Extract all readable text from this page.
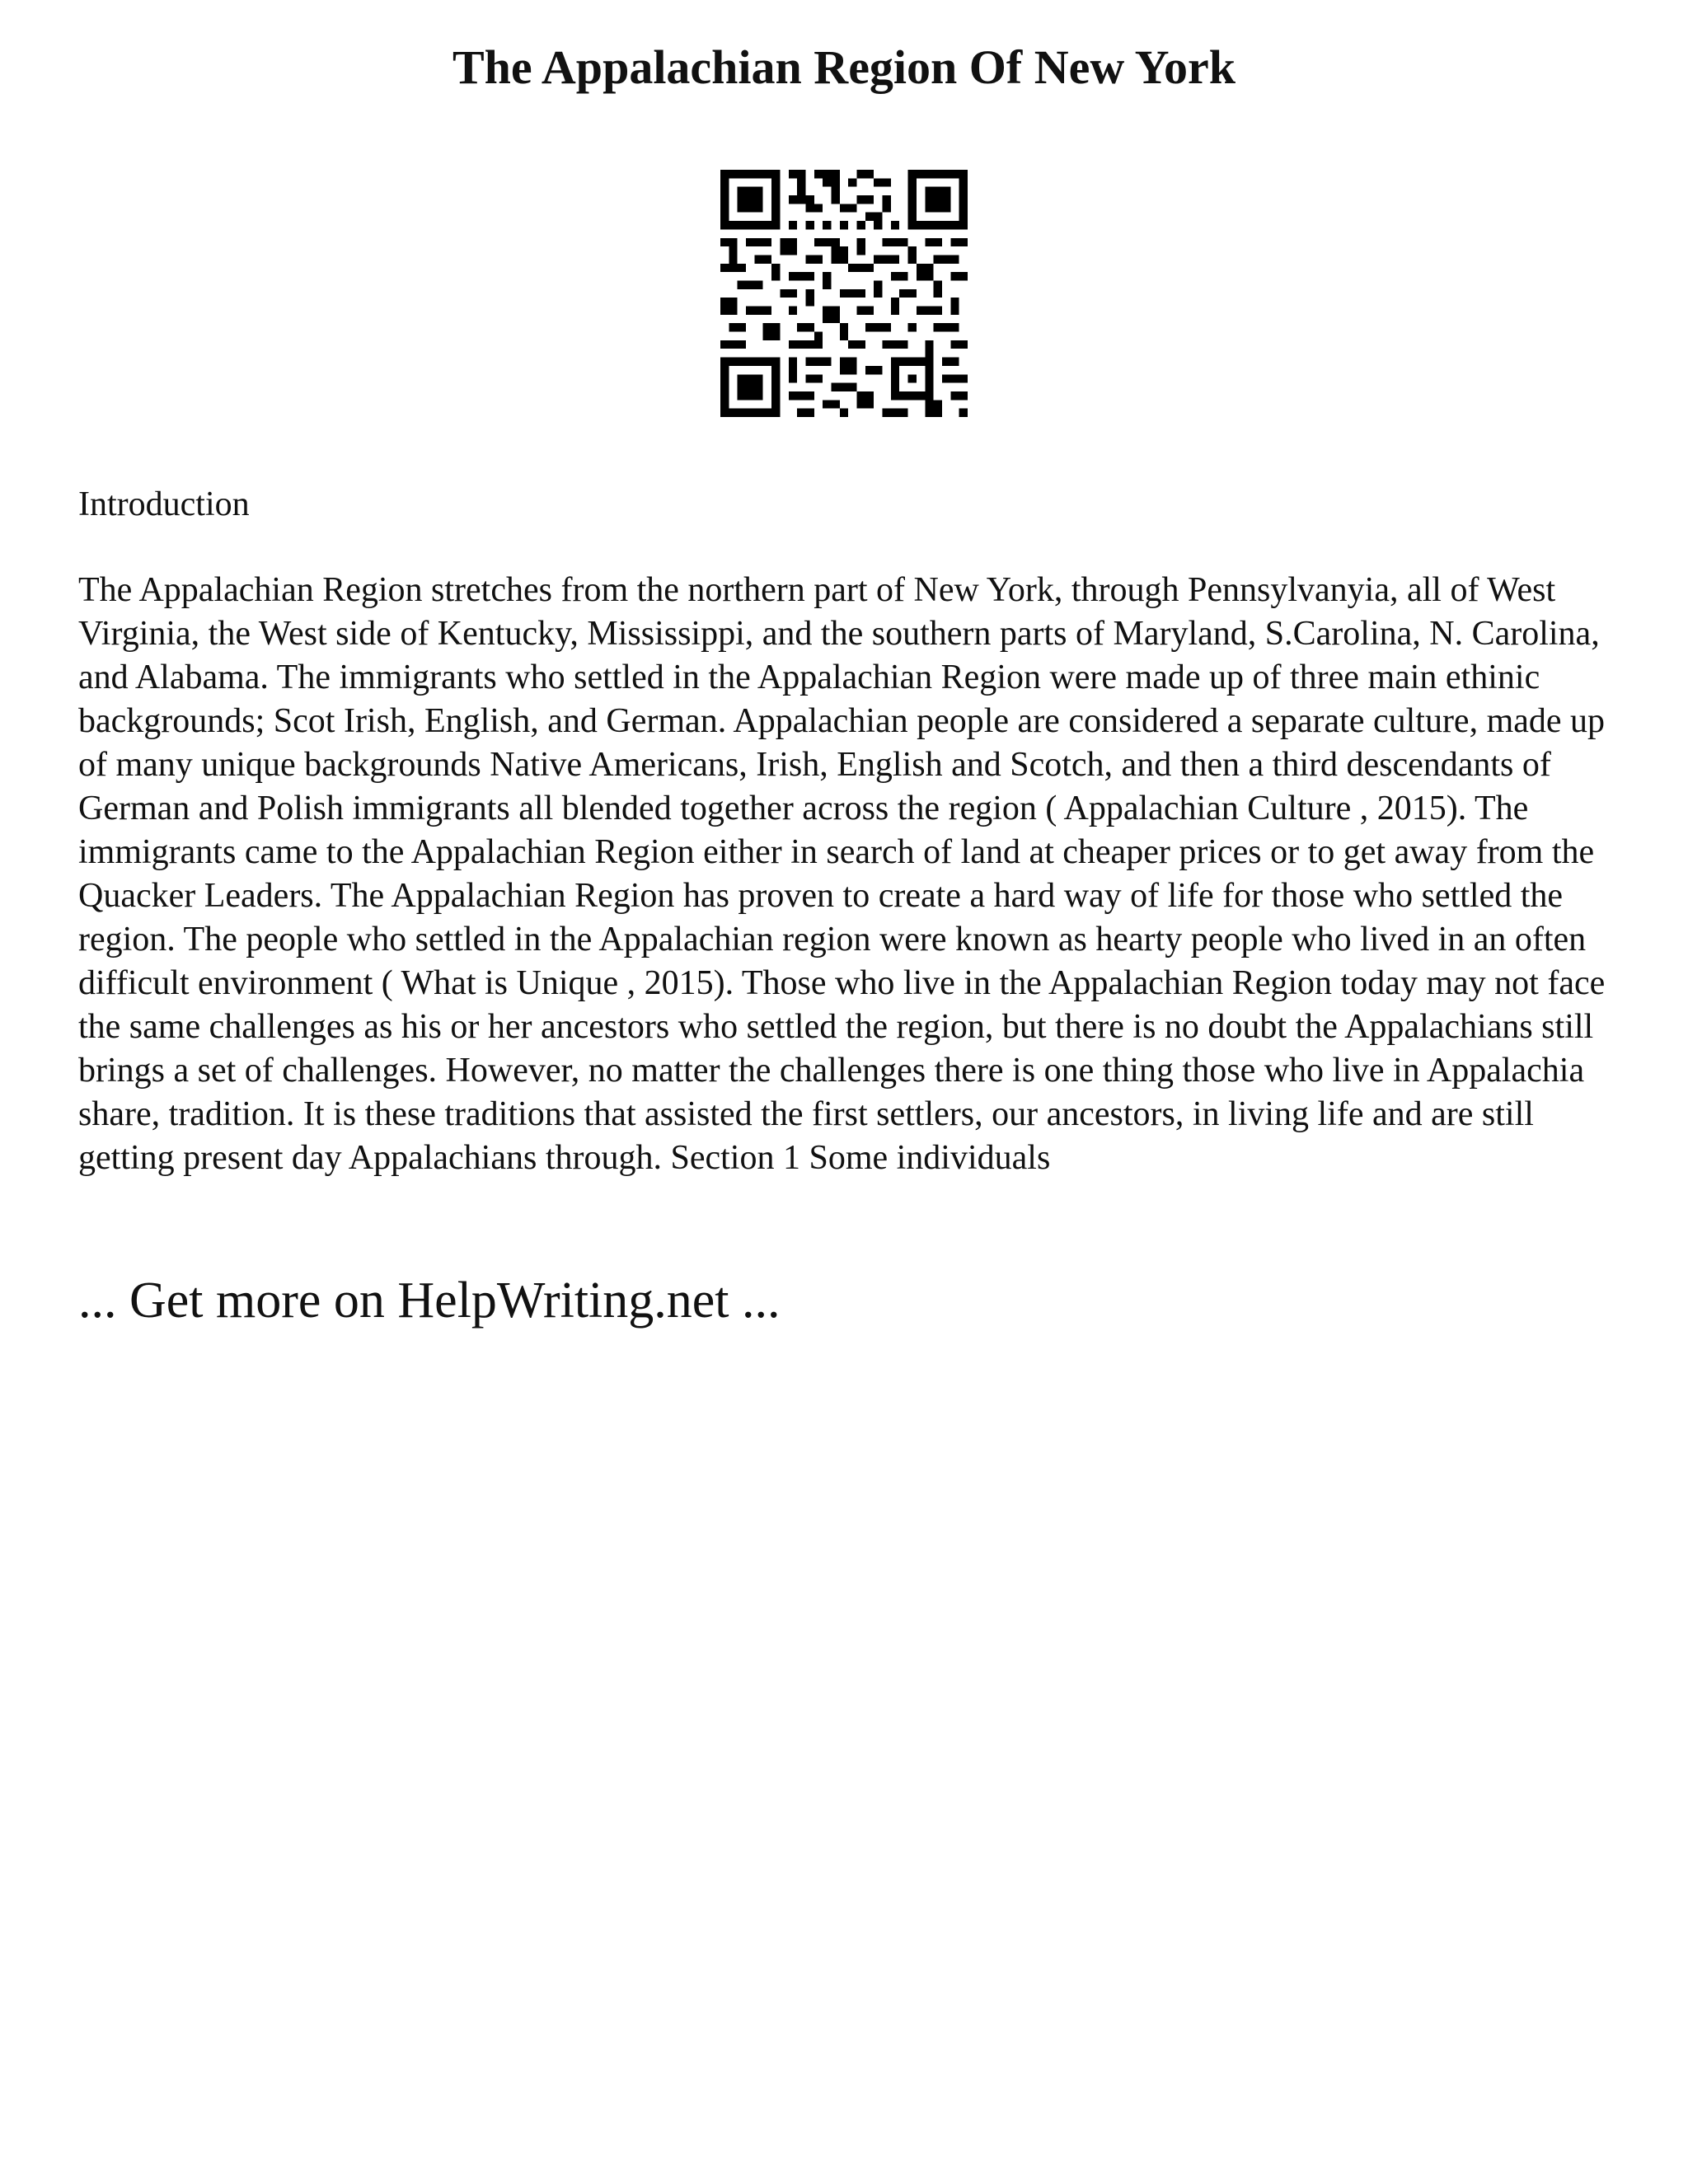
The Appalachian Region Of New York
Introduction

The Appalachian Region stretches from the northern part of New York, through Pennsylvanyia, all of West Virginia, the West side of Kentucky, Mississippi, and the southern parts of Maryland, S.Carolina, N. Carolina, and Alabama. The immigrants who settled in the Appalachian Region were made up of three main ethinic backgrounds; Scot Irish, English, and German. Appalachian people are considered a separate culture, made up of many unique backgrounds Native Americans, Irish, English and Scotch, and then a third descendants of German and Polish immigrants all blended together across the region ( Appalachian Culture , 2015). The immigrants came to the Appalachian Region either in search of land at cheaper prices or to get away from the Quacker Leaders. The Appalachian Region has proven to create a hard way of life for those who settled the region. The people who settled in the Appalachian region were known as hearty people who lived in an often difficult environment ( What is Unique , 2015). Those who live in the Appalachian Region today may not face the same challenges as his or her ancestors who settled the region, but there is no doubt the Appalachians still brings a set of challenges. However, no matter the challenges there is one thing those who live in Appalachia share, tradition. It is these traditions that assisted the first settlers, our ancestors, in living life and are still getting present day Appalachians through. Section 1 Some individuals

... Get more on HelpWriting.net ...
